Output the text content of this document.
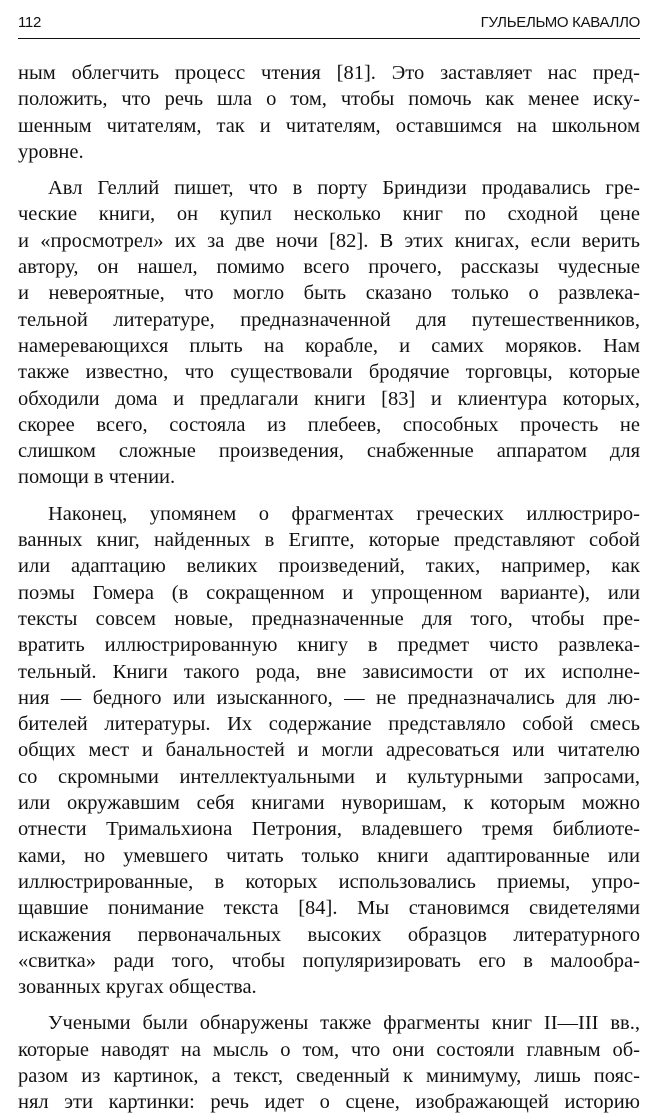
112	ГУЛЬЕЛЬМО КАВАЛЛО

ным облегчить процесс чтения [81]. Это заставляет нас пред-

положить, что речь шла о том, чтобы помочь как менее иску-

шенным читателям, так и читателям, оставшимся на школьном

уровне.

Авл Геллий пишет, что в порту Бриндизи продавались гре-

ческие книги, он купил несколько книг по сходной цене

и «просмотрел» их за две ночи [82]. В этих книгах, если верить

автору, он нашел, помимо всего прочего, рассказы чудесные

и невероятные, что могло быть сказано только о развлека-

тельной литературе, предназначенной для путешественников,

намеревающихся плыть на корабле, и самих моряков. Нам

также известно, что существовали бродячие торговцы, которые

обходили дома и предлагали книги [83] и клиентура которых,

скорее всего, состояла из плебеев, способных прочесть не

слишком сложные произведения, снабженные аппаратом для

помощи в чтении.

Наконец, упомянем о фрагментах греческих иллюстриро-

ванных книг, найденных в Египте, которые представляют собой

или адаптацию великих произведений, таких, например, как

поэмы Гомера (в сокращенном и упрощенном варианте), или

тексты совсем новые, предназначенные для того, чтобы пре-

вратить иллюстрированную книгу в предмет чисто развлека-

тельный. Книги такого рода, вне зависимости от их исполне-

ния — бедного или изысканного, — не предназначались для лю-

бителей литературы. Их содержание представляло собой смесь

общих мест и банальностей и могли адресоваться или читателю

со скромными интеллектуальными и культурными запросами,

или окружавшим себя книгами нуворишам, к которым можно

отнести Тримальхиона Петрония, владевшего тремя библиоте-

ками, но умевшего читать только книги адаптированные или

иллюстрированные, в которых использовались приемы, упро-

щавшие понимание текста [84]. Мы становимся свидетелями

искажения первоначальных высоких образцов литературного

«свитка» ради того, чтобы популяризировать его в малообра-

зованных кругах общества.

Учеными были обнаружены также фрагменты книг II—III вв.,

которые наводят на мысль о том, что они состояли главным об-

разом из картинок, а текст, сведенный к минимуму, лишь пояс-

нял эти картинки: речь идет о сцене, изображающей историю
